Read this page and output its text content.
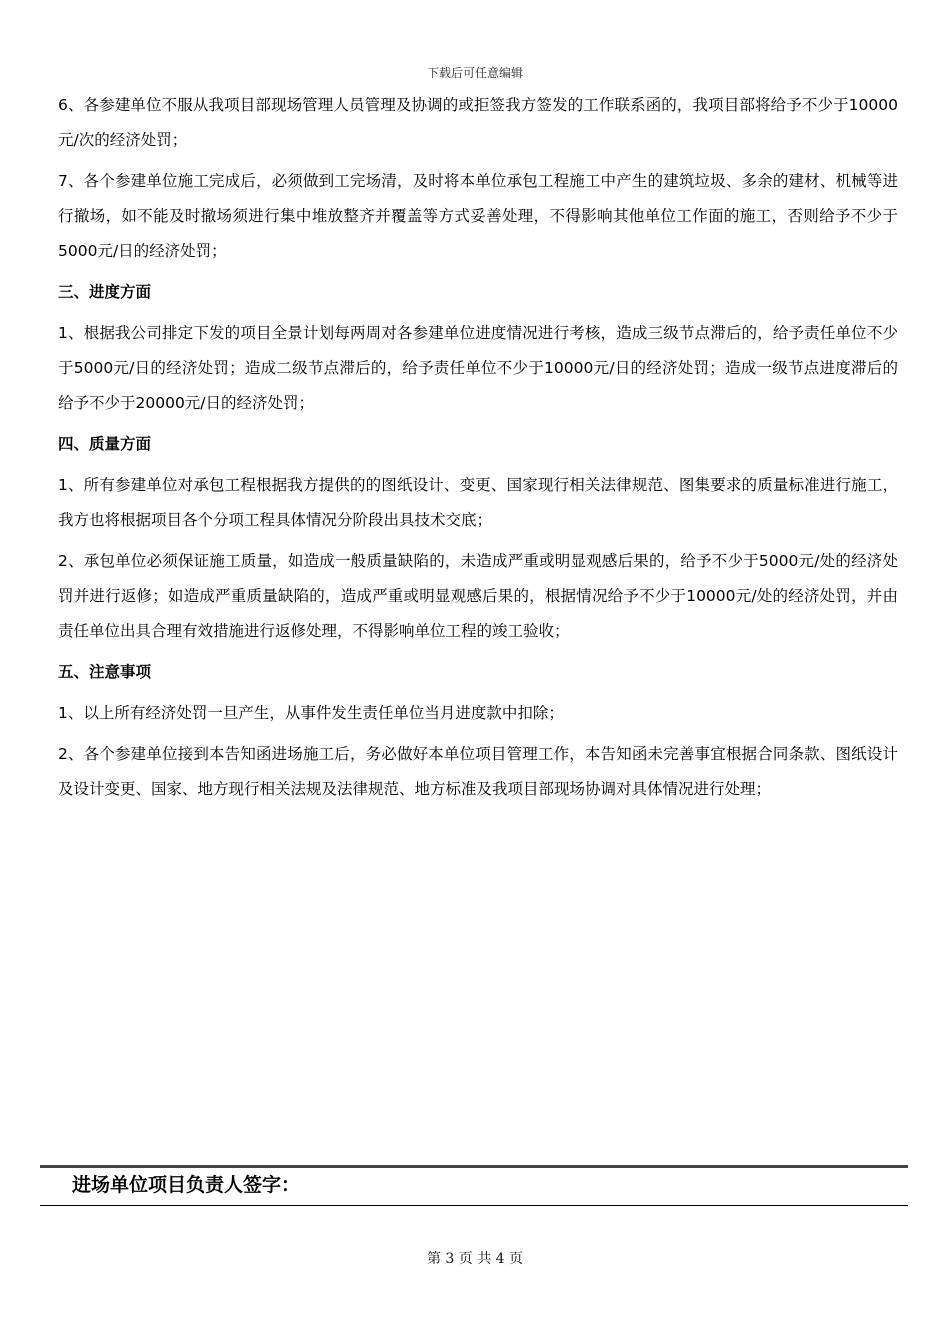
下载后可任意编辑

6、各参建单位不服从我项目部现场管理人员管理及协调的或拒签我方签发的工作联系函的，我项目部将给予不少于10000元/次的经济处罚；

7、各个参建单位施工完成后，必须做到工完场清，及时将本单位承包工程施工中产生的建筑垃圾、多余的建材、机械等进行撤场，如不能及时撤场须进行集中堆放整齐并覆盖等方式妥善处理，不得影响其他单位工作面的施工，否则给予不少于5000元/日的经济处罚；

三、进度方面

1、根据我公司排定下发的项目全景计划每两周对各参建单位进度情况进行考核，造成三级节点滞后的，给予责任单位不少于5000元/日的经济处罚；造成二级节点滞后的，给予责任单位不少于10000元/日的经济处罚；造成一级节点进度滞后的给予不少于20000元/日的经济处罚；

四、质量方面

1、所有参建单位对承包工程根据我方提供的的图纸设计、变更、国家现行相关法律规范、图集要求的质量标准进行施工，我方也将根据项目各个分项工程具体情况分阶段出具技术交底；

2、承包单位必须保证施工质量，如造成一般质量缺陷的，未造成严重或明显观感后果的，给予不少于5000元/处的经济处罚并进行返修；如造成严重质量缺陷的，造成严重或明显观感后果的，根据情况给予不少于10000元/处的经济处罚，并由责任单位出具合理有效措施进行返修处理，不得影响单位工程的竣工验收；

五、注意事项

1、以上所有经济处罚一旦产生，从事件发生责任单位当月进度款中扣除；

2、各个参建单位接到本告知函进场施工后，务必做好本单位项目管理工作，本告知函未完善事宜根据合同条款、图纸设计及设计变更、国家、地方现行相关法规及法律规范、地方标准及我项目部现场协调对具体情况进行处理；

进场单位项目负责人签字：
第 3 页 共 4 页
